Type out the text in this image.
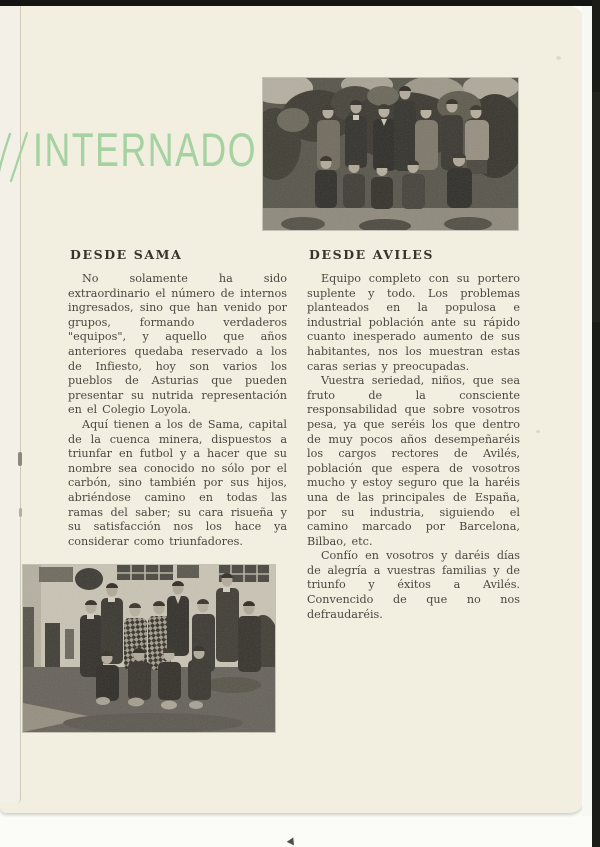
INTERNADO
DESDE SAMA

No solamente ha sido extraordinario el número de internos ingresados, sino que han venido por grupos, formando verdaderos "equipos", y aquello que años anteriores quedaba reservado a los de Infiesto, hoy son varios los pueblos de Asturias que pueden presentar su nutrida representación en el Colegio Loyola.

Aquí tienen a los de Sama, capital de la cuenca minera, dispuestos a triunfar en futbol y a hacer que su nombre sea conocido no sólo por el carbón, sino también por sus hijos, abriéndose camino en todas las ramas del saber; su cara risueña y su satisfacción nos los hace ya considerar como triunfadores.

DESDE AVILES

Equipo completo con su portero suplente y todo. Los problemas planteados en la populosa e industrial población ante su rápido cuanto inesperado aumento de sus habitantes, nos los muestran estas caras serias y preocupadas.

Vuestra seriedad, niños, que sea fruto de la consciente responsabilidad que sobre vosotros pesa, ya que seréis los que dentro de muy pocos años desempeñaréis los cargos rectores de Avilés, población que espera de vosotros mucho y estoy seguro que la haréis una de las principales de España, por su industria, siguiendo el camino marcado por Barcelona, Bilbao, etc.

Confío en vosotros y daréis días de alegría a vuestras familias y de triunfo y éxitos a Avilés. Convencido de que no nos defraudaréis.
